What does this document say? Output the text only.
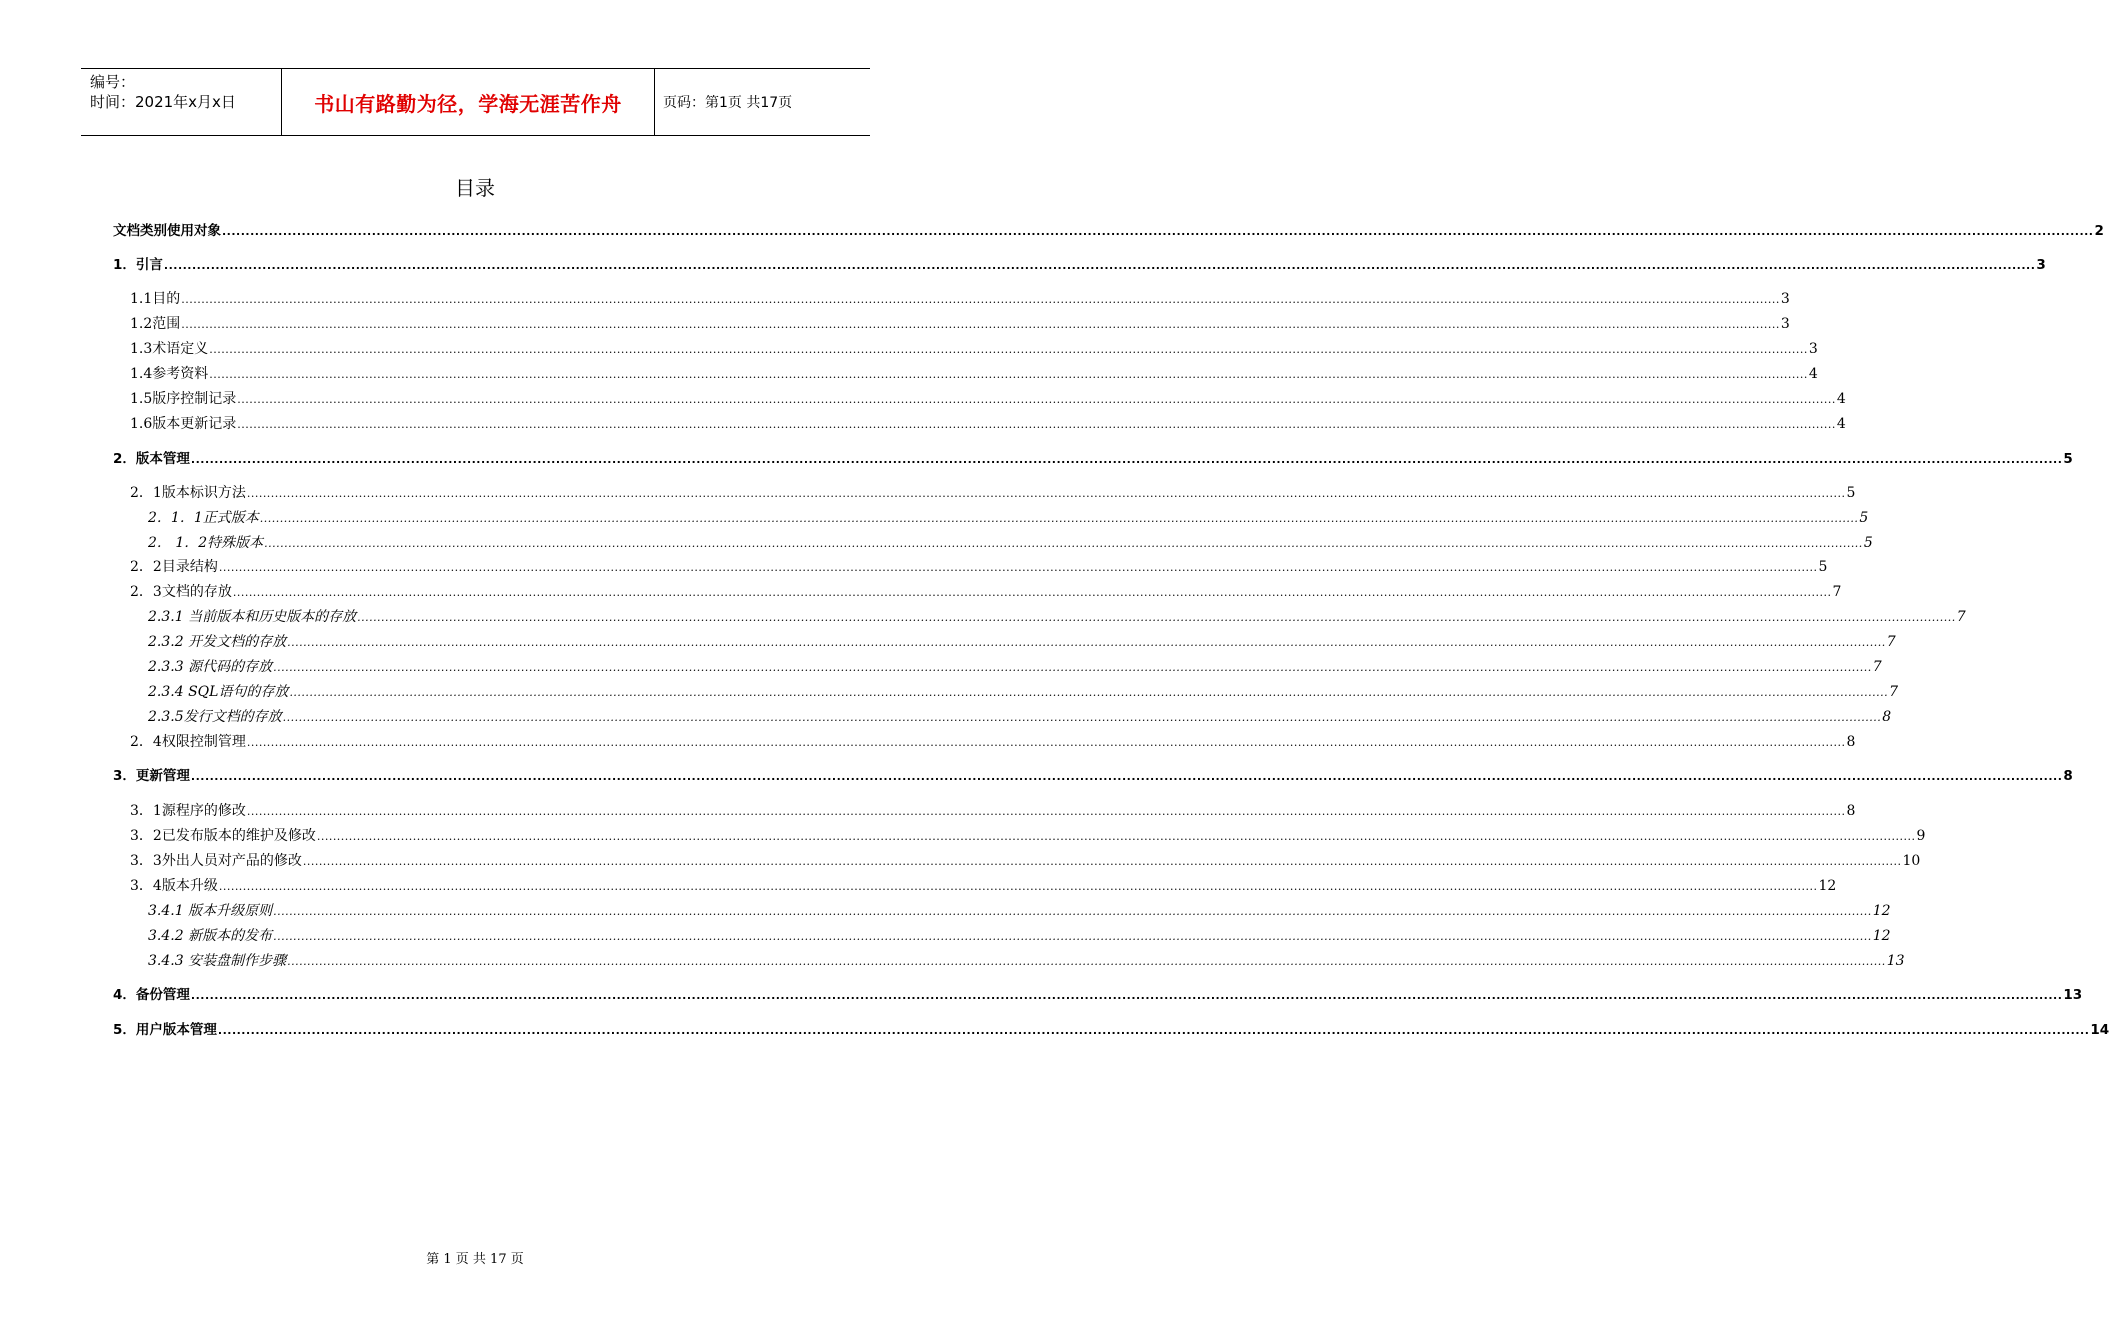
编号：
时间：2021年x月x日	书山有路勤为径，学海无涯苦作舟	页码：第1页 共17页
目录
文档类别使用对象 ................................................................................................................................................................................................................................................................................................................................................................................................................ 2
1．引言 ................................................................................................................................................................................................................................................................................................................................................................................................................ 3
1.1目的 ................................................................................................................................................................................................................................................................................................................................................................................................................ 3
1.2范围 ................................................................................................................................................................................................................................................................................................................................................................................................................ 3
1.3术语定义 ................................................................................................................................................................................................................................................................................................................................................................................................................ 3
1.4参考资料 ................................................................................................................................................................................................................................................................................................................................................................................................................ 4
1.5版序控制记录 ................................................................................................................................................................................................................................................................................................................................................................................................................ 4
1.6版本更新记录 ................................................................................................................................................................................................................................................................................................................................................................................................................ 4
2．版本管理 ................................................................................................................................................................................................................................................................................................................................................................................................................ 5
2．1版本标识方法 ................................................................................................................................................................................................................................................................................................................................................................................................................ 5
2．1．1正式版本 ................................................................................................................................................................................................................................................................................................................................................................................................................ 5
2． 1．2特殊版本 ................................................................................................................................................................................................................................................................................................................................................................................................................ 5
2．2目录结构 ................................................................................................................................................................................................................................................................................................................................................................................................................ 5
2．3文档的存放 ................................................................................................................................................................................................................................................................................................................................................................................................................ 7
2.3.1 当前版本和历史版本的存放 ................................................................................................................................................................................................................................................................................................................................................................................................................ 7
2.3.2 开发文档的存放 ................................................................................................................................................................................................................................................................................................................................................................................................................ 7
2.3.3 源代码的存放 ................................................................................................................................................................................................................................................................................................................................................................................................................ 7
2.3.4 SQL语句的存放 ................................................................................................................................................................................................................................................................................................................................................................................................................ 7
2.3.5发行文档的存放 ................................................................................................................................................................................................................................................................................................................................................................................................................ 8
2．4权限控制管理 ................................................................................................................................................................................................................................................................................................................................................................................................................ 8
3．更新管理 ................................................................................................................................................................................................................................................................................................................................................................................................................ 8
3．1源程序的修改 ................................................................................................................................................................................................................................................................................................................................................................................................................ 8
3．2已发布版本的维护及修改 ................................................................................................................................................................................................................................................................................................................................................................................................................ 9
3．3外出人员对产品的修改 ................................................................................................................................................................................................................................................................................................................................................................................................................ 10
3．4版本升级 ................................................................................................................................................................................................................................................................................................................................................................................................................ 12
3.4.1 版本升级原则 ................................................................................................................................................................................................................................................................................................................................................................................................................ 12
3.4.2 新版本的发布 ................................................................................................................................................................................................................................................................................................................................................................................................................ 12
3.4.3 安装盘制作步骤 ................................................................................................................................................................................................................................................................................................................................................................................................................ 13
4．备份管理 ................................................................................................................................................................................................................................................................................................................................................................................................................ 13
5．用户版本管理 ................................................................................................................................................................................................................................................................................................................................................................................................................ 14
第 1 页 共 17 页
